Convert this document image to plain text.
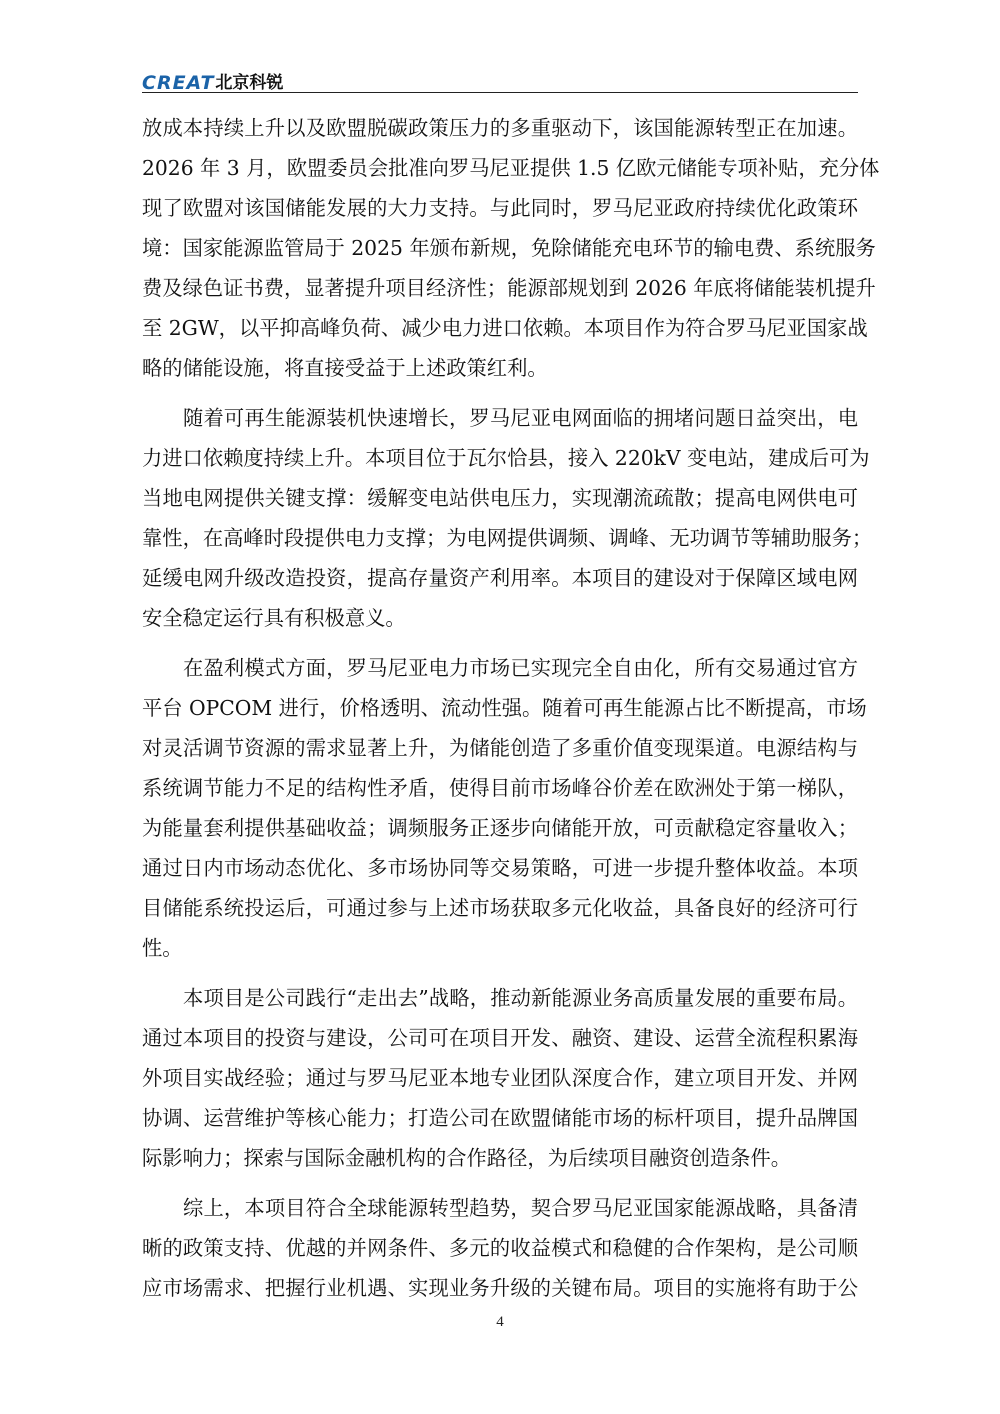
CREAT 北京科锐
放成本持续上升以及欧盟脱碳政策压力的多重驱动下，该国能源转型正在加速。
2026 年 3 月，欧盟委员会批准向罗马尼亚提供 1.5 亿欧元储能专项补贴，充分体
现了欧盟对该国储能发展的大力支持。与此同时，罗马尼亚政府持续优化政策环
境：国家能源监管局于 2025 年颁布新规，免除储能充电环节的输电费、系统服务
费及绿色证书费，显著提升项目经济性；能源部规划到 2026 年底将储能装机提升
至 2GW，以平抑高峰负荷、减少电力进口依赖。本项目作为符合罗马尼亚国家战
略的储能设施，将直接受益于上述政策红利。
随着可再生能源装机快速增长，罗马尼亚电网面临的拥堵问题日益突出，电
力进口依赖度持续上升。本项目位于瓦尔恰县，接入 220kV 变电站，建成后可为
当地电网提供关键支撑：缓解变电站供电压力，实现潮流疏散；提高电网供电可
靠性，在高峰时段提供电力支撑；为电网提供调频、调峰、无功调节等辅助服务；
延缓电网升级改造投资，提高存量资产利用率。本项目的建设对于保障区域电网
安全稳定运行具有积极意义。
在盈利模式方面，罗马尼亚电力市场已实现完全自由化，所有交易通过官方
平台 OPCOM 进行，价格透明、流动性强。随着可再生能源占比不断提高，市场
对灵活调节资源的需求显著上升，为储能创造了多重价值变现渠道。电源结构与
系统调节能力不足的结构性矛盾，使得目前市场峰谷价差在欧洲处于第一梯队，
为能量套利提供基础收益；调频服务正逐步向储能开放，可贡献稳定容量收入；
通过日内市场动态优化、多市场协同等交易策略，可进一步提升整体收益。本项
目储能系统投运后，可通过参与上述市场获取多元化收益，具备良好的经济可行
性。
本项目是公司践行“走出去”战略，推动新能源业务高质量发展的重要布局。
通过本项目的投资与建设，公司可在项目开发、融资、建设、运营全流程积累海
外项目实战经验；通过与罗马尼亚本地专业团队深度合作，建立项目开发、并网
协调、运营维护等核心能力；打造公司在欧盟储能市场的标杆项目，提升品牌国
际影响力；探索与国际金融机构的合作路径，为后续项目融资创造条件。
综上，本项目符合全球能源转型趋势，契合罗马尼亚国家能源战略，具备清
晰的政策支持、优越的并网条件、多元的收益模式和稳健的合作架构，是公司顺
应市场需求、把握行业机遇、实现业务升级的关键布局。项目的实施将有助于公
4
